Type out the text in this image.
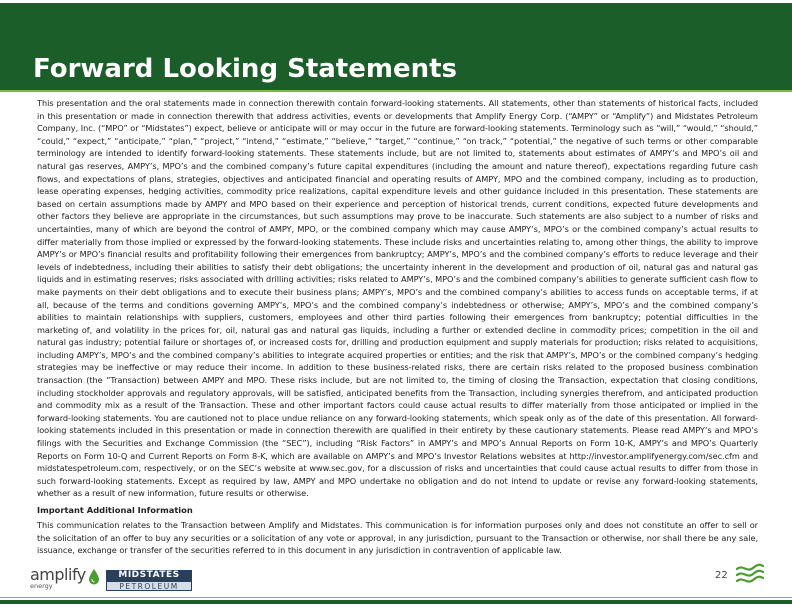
Forward Looking Statements

This presentation and the oral statements made in connection therewith contain forward-looking statements. All statements, other than statements of historical facts, included in this presentation or made in connection therewith that address activities, events or developments that Amplify Energy Corp. (“AMPY” or “Amplify”) and Midstates Petroleum Company, Inc. (“MPO” or “Midstates”) expect, believe or anticipate will or may occur in the future are forward-looking statements. Terminology such as “will,” “would,” “should,” “could,” “expect,” “anticipate,” “plan,” “project,” “intend,” “estimate,” “believe,” “target,” “continue,” “on track,” “potential,” the negative of such terms or other comparable terminology are intended to identify forward-looking statements. These statements include, but are not limited to, statements about estimates of AMPY’s and MPO’s oil and natural gas reserves, AMPY’s, MPO’s and the combined company’s future capital expenditures (including the amount and nature thereof), expectations regarding future cash flows, and expectations of plans, strategies, objectives and anticipated financial and operating results of AMPY, MPO and the combined company, including as to production, lease operating expenses, hedging activities, commodity price realizations, capital expenditure levels and other guidance included in this presentation. These statements are based on certain assumptions made by AMPY and MPO based on their experience and perception of historical trends, current conditions, expected future developments and other factors they believe are appropriate in the circumstances, but such assumptions may prove to be inaccurate. Such statements are also subject to a number of risks and uncertainties, many of which are beyond the control of AMPY, MPO, or the combined company which may cause AMPY’s, MPO’s or the combined company’s actual results to differ materially from those implied or expressed by the forward-looking statements. These include risks and uncertainties relating to, among other things, the ability to improve AMPY’s or MPO’s financial results and profitability following their emergences from bankruptcy; AMPY’s, MPO’s and the combined company’s efforts to reduce leverage and their levels of indebtedness, including their abilities to satisfy their debt obligations; the uncertainty inherent in the development and production of oil, natural gas and natural gas liquids and in estimating reserves; risks associated with drilling activities; risks related to AMPY’s, MPO’s and the combined company’s abilities to generate sufficient cash flow to make payments on their debt obligations and to execute their business plans; AMPY’s, MPO’s and the combined company’s abilities to access funds on acceptable terms, if at all, because of the terms and conditions governing AMPY’s, MPO’s and the combined company’s indebtedness or otherwise; AMPY’s, MPO’s and the combined company’s abilities to maintain relationships with suppliers, customers, employees and other third parties following their emergences from bankruptcy; potential difficulties in the marketing of, and volatility in the prices for, oil, natural gas and natural gas liquids, including a further or extended decline in commodity prices; competition in the oil and natural gas industry; potential failure or shortages of, or increased costs for, drilling and production equipment and supply materials for production; risks related to acquisitions, including AMPY’s, MPO’s and the combined company’s abilities to integrate acquired properties or entities; and the risk that AMPY’s, MPO’s or the combined company’s hedging strategies may be ineffective or may reduce their income. In addition to these business-related risks, there are certain risks related to the proposed business combination transaction (the “Transaction) between AMPY and MPO. These risks include, but are not limited to, the timing of closing the Transaction, expectation that closing conditions, including stockholder approvals and regulatory approvals, will be satisfied, anticipated benefits from the Transaction, including synergies therefrom, and anticipated production and commodity mix as a result of the Transaction. These and other important factors could cause actual results to differ materially from those anticipated or implied in the forward-looking statements. You are cautioned not to place undue reliance on any forward-looking statements, which speak only as of the date of this presentation. All forward-looking statements included in this presentation or made in connection therewith are qualified in their entirety by these cautionary statements. Please read AMPY’s and MPO’s filings with the Securities and Exchange Commission (the “SEC”), including “Risk Factors” in AMPY’s and MPO’s Annual Reports on Form 10-K, AMPY’s and MPO’s Quarterly Reports on Form 10-Q and Current Reports on Form 8-K, which are available on AMPY’s and MPO’s Investor Relations websites at http://investor.amplifyenergy.com/sec.cfm and midstatespetroleum.com, respectively, or on the SEC’s website at www.sec.gov, for a discussion of risks and uncertainties that could cause actual results to differ from those in such forward-looking statements. Except as required by law, AMPY and MPO undertake no obligation and do not intend to update or revise any forward-looking statements, whether as a result of new information, future results or otherwise.

Important Additional Information

This communication relates to the Transaction between Amplify and Midstates. This communication is for information purposes only and does not constitute an offer to sell or the solicitation of an offer to buy any securities or a solicitation of any vote or approval, in any jurisdiction, pursuant to the Transaction or otherwise, nor shall there be any sale, issuance, exchange or transfer of the securities referred to in this document in any jurisdiction in contravention of applicable law.

amplify
energy
MIDSTATES
PETROLEUM
22
